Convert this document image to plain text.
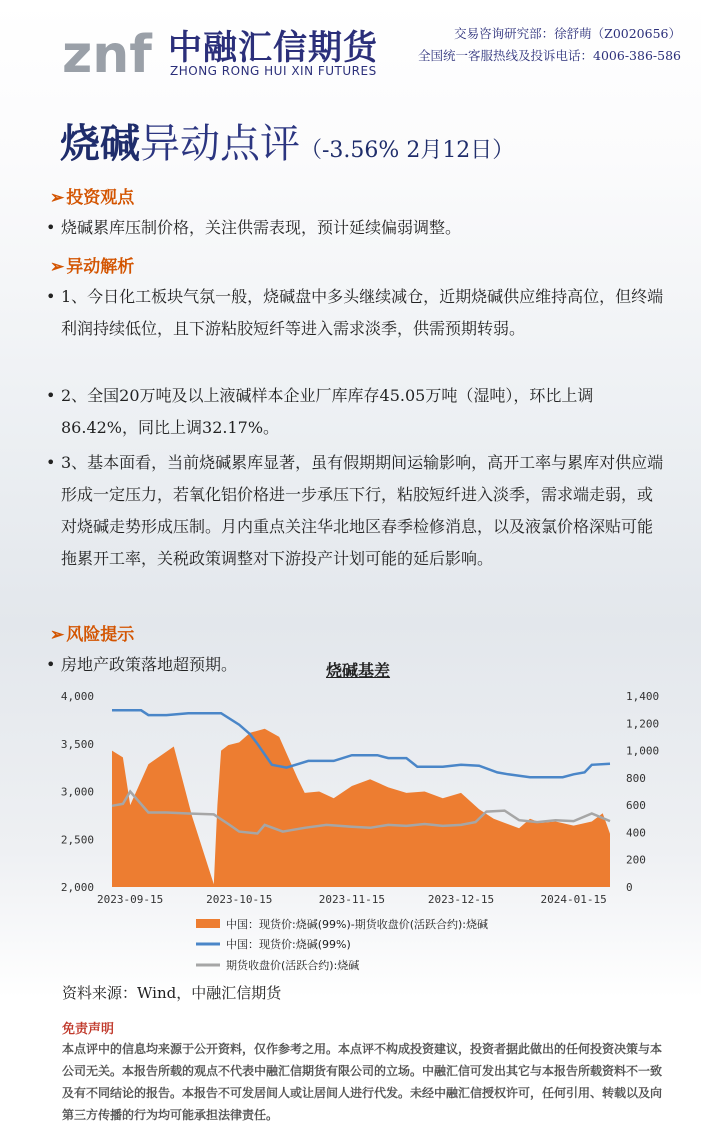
znf 中融汇信期货
ZHONG RONG HUI XIN FUTURES
交易咨询研究部：徐舒萌（Z0020656）
全国统一客服热线及投诉电话：4006-386-586
烧碱异动点评（-3.56% 2月12日）
➢ 投资观点
• 烧碱累库压制价格，关注供需表现，预计延续偏弱调整。
➢ 异动解析
• 1、今日化工板块气氛一般，烧碱盘中多头继续减仓，近期烧碱供应维持高位，但终端利润持续低位，且下游粘胶短纤等进入需求淡季，供需预期转弱。
• 2、全国20万吨及以上液碱样本企业厂库库存45.05万吨（湿吨），环比上调86.42%，同比上调32.17%。
• 3、基本面看，当前烧碱累库显著，虽有假期期间运输影响，高开工率与累库对供应端形成一定压力，若氧化铝价格进一步承压下行，粘胶短纤进入淡季，需求端走弱，或对烧碱走势形成压制。月内重点关注华北地区春季检修消息，以及液氯价格深贴可能拖累开工率，关税政策调整对下游投产计划可能的延后影响。
➢ 风险提示
• 房地产政策落地超预期。	烧碱基差
2,000
2,500
3,000
3,500
4,000
0
200
400
600
800
1,000
1,200
1,400
2023-09-15	2023-10-15	2023-11-15	2023-12-15	2024-01-15
中国：现货价:烧碱(99%)-期货收盘价(活跃合约):烧碱
中国：现货价:烧碱(99%)
期货收盘价(活跃合约):烧碱
资料来源：Wind，中融汇信期货
免责声明
本点评中的信息均来源于公开资料，仅作参考之用。本点评不构成投资建议，投资者据此做出的任何投资决策与本公司无关。本报告所载的观点不代表中融汇信期货有限公司的立场。中融汇信可发出其它与本报告所载资料不一致及有不同结论的报告。本报告不可发居间人或让居间人进行代发。未经中融汇信授权许可，任何引用、转载以及向第三方传播的行为均可能承担法律责任。
